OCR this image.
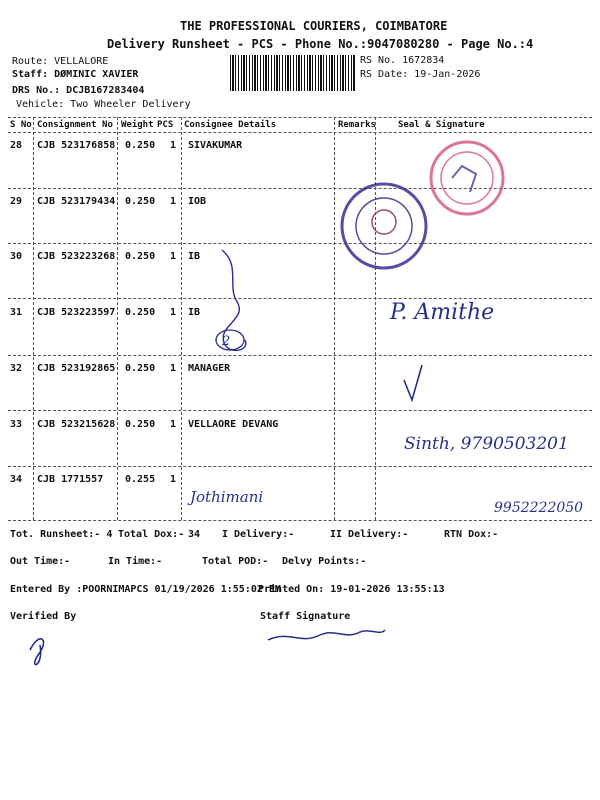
THE PROFESSIONAL COURIERS, COIMBATORE
Delivery Runsheet - PCS - Phone No.:9047080280 - Page No.:4
Route: VELLALORE
Staff: DØMINIC XAVIER
DRS No.: DCJB167283404
Vehicle: Two Wheeler Delivery
RS No. 1672834
RS Date: 19-Jan-2026
S No Consignment No Weight PCS Consignee Details	Remarks Seal & Signature
28 CJB 523176858 0.250 1 SIVAKUMAR
29 CJB 523179434 0.250 1 IOB
30 CJB 523223268 0.250 1 IB
31 CJB 523223597 0.250 1 IB
32 CJB 523192865 0.250 1 MANAGER
33 CJB 523215628 0.250 1 VELLAORE DEVANG
34 CJB 1771557 0.255 1
2
P. Amithe
Sinth, 9790503201
Jothimani
9952222050
Tot. Runsheet:- 4 Total Dox:- 34 I Delivery:-	II Delivery:-	RTN Dox:-
Out Time:-	In Time:-	Total POD:- Delvy Points:-
Entered By :POORNIMAPCS 01/19/2026 1:55:02 PM
Printed On: 19-01-2026 13:55:13
Verified By	Staff Signature
